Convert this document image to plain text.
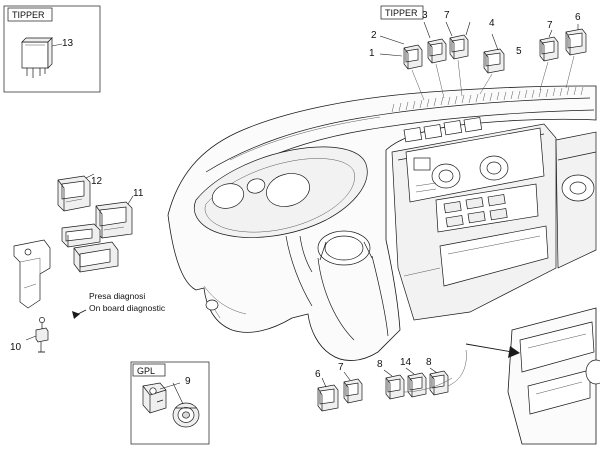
TIPPER	TIPPER
GPL
13
2
3 7
4	7
6
1	5
12
11
10
9
6
7	8 14 8
Presa diagnosi
On board diagnostic
